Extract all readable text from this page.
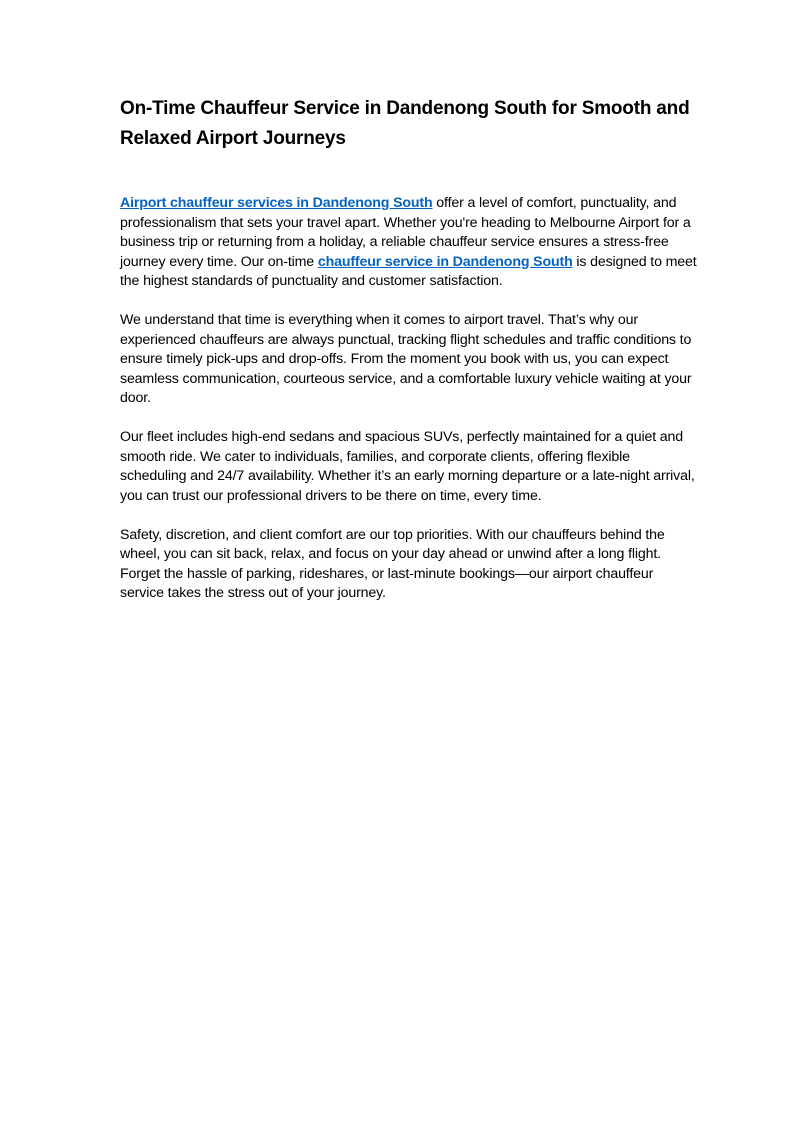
On-Time Chauffeur Service in Dandenong South for Smooth and Relaxed Airport Journeys

Airport chauffeur services in Dandenong South offer a level of comfort, punctuality, and professionalism that sets your travel apart. Whether you're heading to Melbourne Airport for a business trip or returning from a holiday, a reliable chauffeur service ensures a stress-free journey every time. Our on-time chauffeur service in Dandenong South is designed to meet the highest standards of punctuality and customer satisfaction.

We understand that time is everything when it comes to airport travel. That’s why our experienced chauffeurs are always punctual, tracking flight schedules and traffic conditions to ensure timely pick-ups and drop-offs. From the moment you book with us, you can expect seamless communication, courteous service, and a comfortable luxury vehicle waiting at your door.

Our fleet includes high-end sedans and spacious SUVs, perfectly maintained for a quiet and smooth ride. We cater to individuals, families, and corporate clients, offering flexible scheduling and 24/7 availability. Whether it’s an early morning departure or a late-night arrival, you can trust our professional drivers to be there on time, every time.

Safety, discretion, and client comfort are our top priorities. With our chauffeurs behind the wheel, you can sit back, relax, and focus on your day ahead or unwind after a long flight. Forget the hassle of parking, rideshares, or last-minute bookings—our airport chauffeur service takes the stress out of your journey.
